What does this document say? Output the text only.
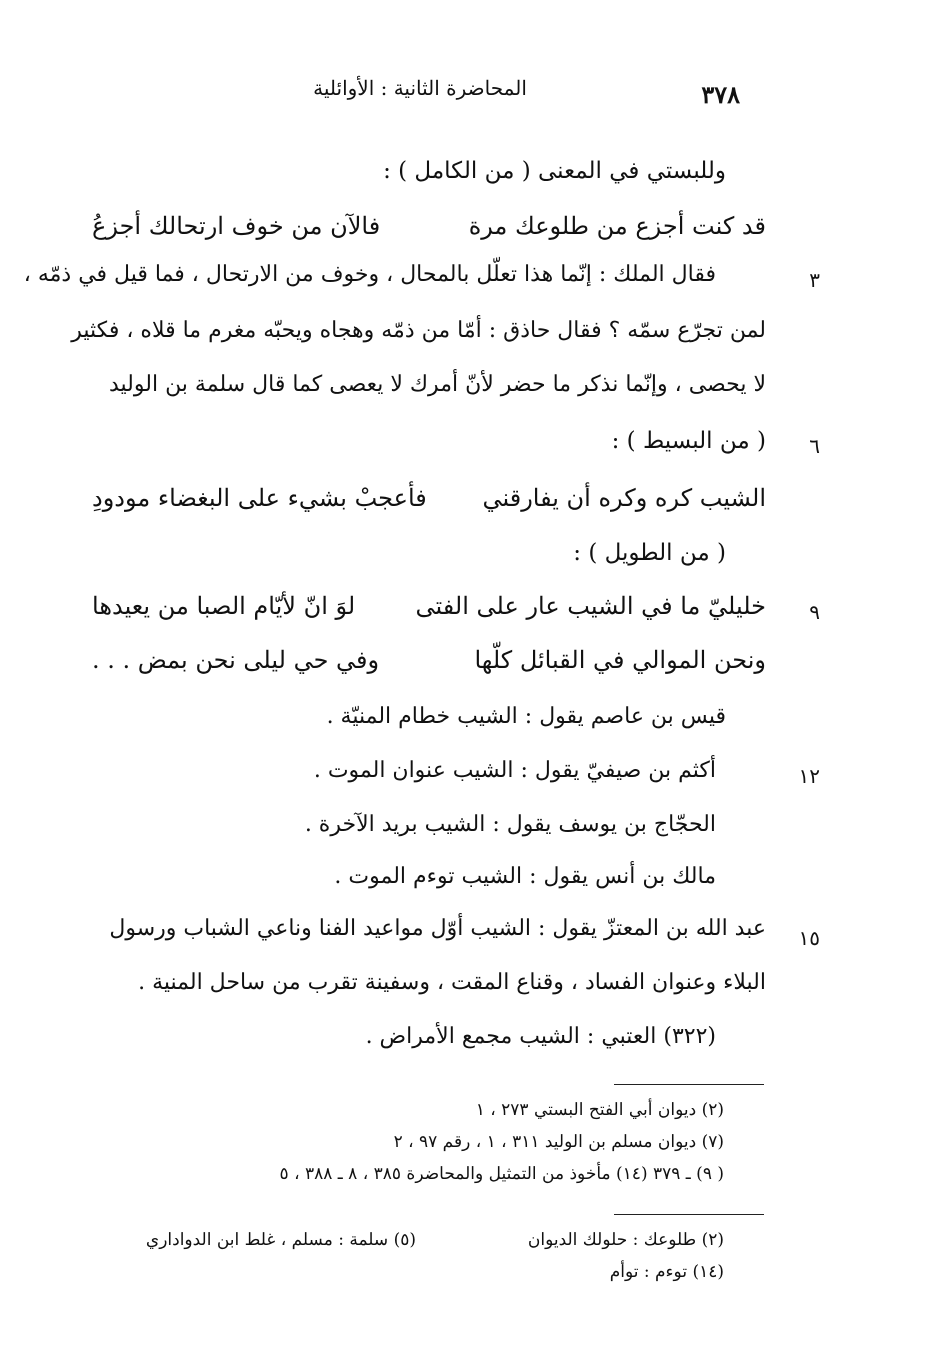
المحاضرة الثانية : الأوائلية	٣٧٨
وللبستي في المعنى ( من الكامل ) :
قد كنت أجزع من طلوعك مرة
فالآن من خوف ارتحالك أجزعُ
٣
فقال الملك : إنّما هذا تعلّل بالمحال ، وخوف من الارتحال ، فما قيل في ذمّه ،
لمن تجرّع سمّه ؟ فقال حاذق : أمّا من ذمّه وهجاه ويحبّه مغرم ما قلاه ، فكثير
لا يحصى ، وإنّما نذكر ما حضر لأنّ أمرك لا يعصى كما قال سلمة بن الوليد
٦
( من البسيط ) :
الشيب كره وكره أن يفارقني
فأعجبْ بشيء على البغضاء مودودِ
( من الطويل ) :
٩
خليليّ ما في الشيب عار على الفتى
لوَ انّ لأيّام الصبا من يعيدها
ونحن الموالي في القبائل كلّها
وفي حي ليلى نحن بمض . . .
قيس بن عاصم يقول : الشيب خطام المنيّة .
١٢
أكثم بن صيفيّ يقول : الشيب عنوان الموت .
الحجّاج بن يوسف يقول : الشيب بريد الآخرة .
مالك بن أنس يقول : الشيب توءم الموت .
١٥
عبد الله بن المعتزّ يقول : الشيب أوّل مواعيد الفنا وناعي الشباب ورسول
البلاء وعنوان الفساد ، وقناع المقت ، وسفينة تقرب من ساحل المنية .
(٣٢٢) العتبي : الشيب مجمع الأمراض .
(٢) ديوان أبي الفتح البستي ٢٧٣ ، ١
(٧) ديوان مسلم بن الوليد ٣١١ ، ١ ، رقم ٩٧ ، ٢
( ٩) ـ ٣٧٩ (١٤) مأخوذ من التمثيل والمحاضرة ٣٨٥ ، ٨ ـ ٣٨٨ ، ٥
(٢) طلوعك : حلولك الديوان
(٥) سلمة : مسلم ، غلط ابن الدواداري
(١٤) توءم : توأم
